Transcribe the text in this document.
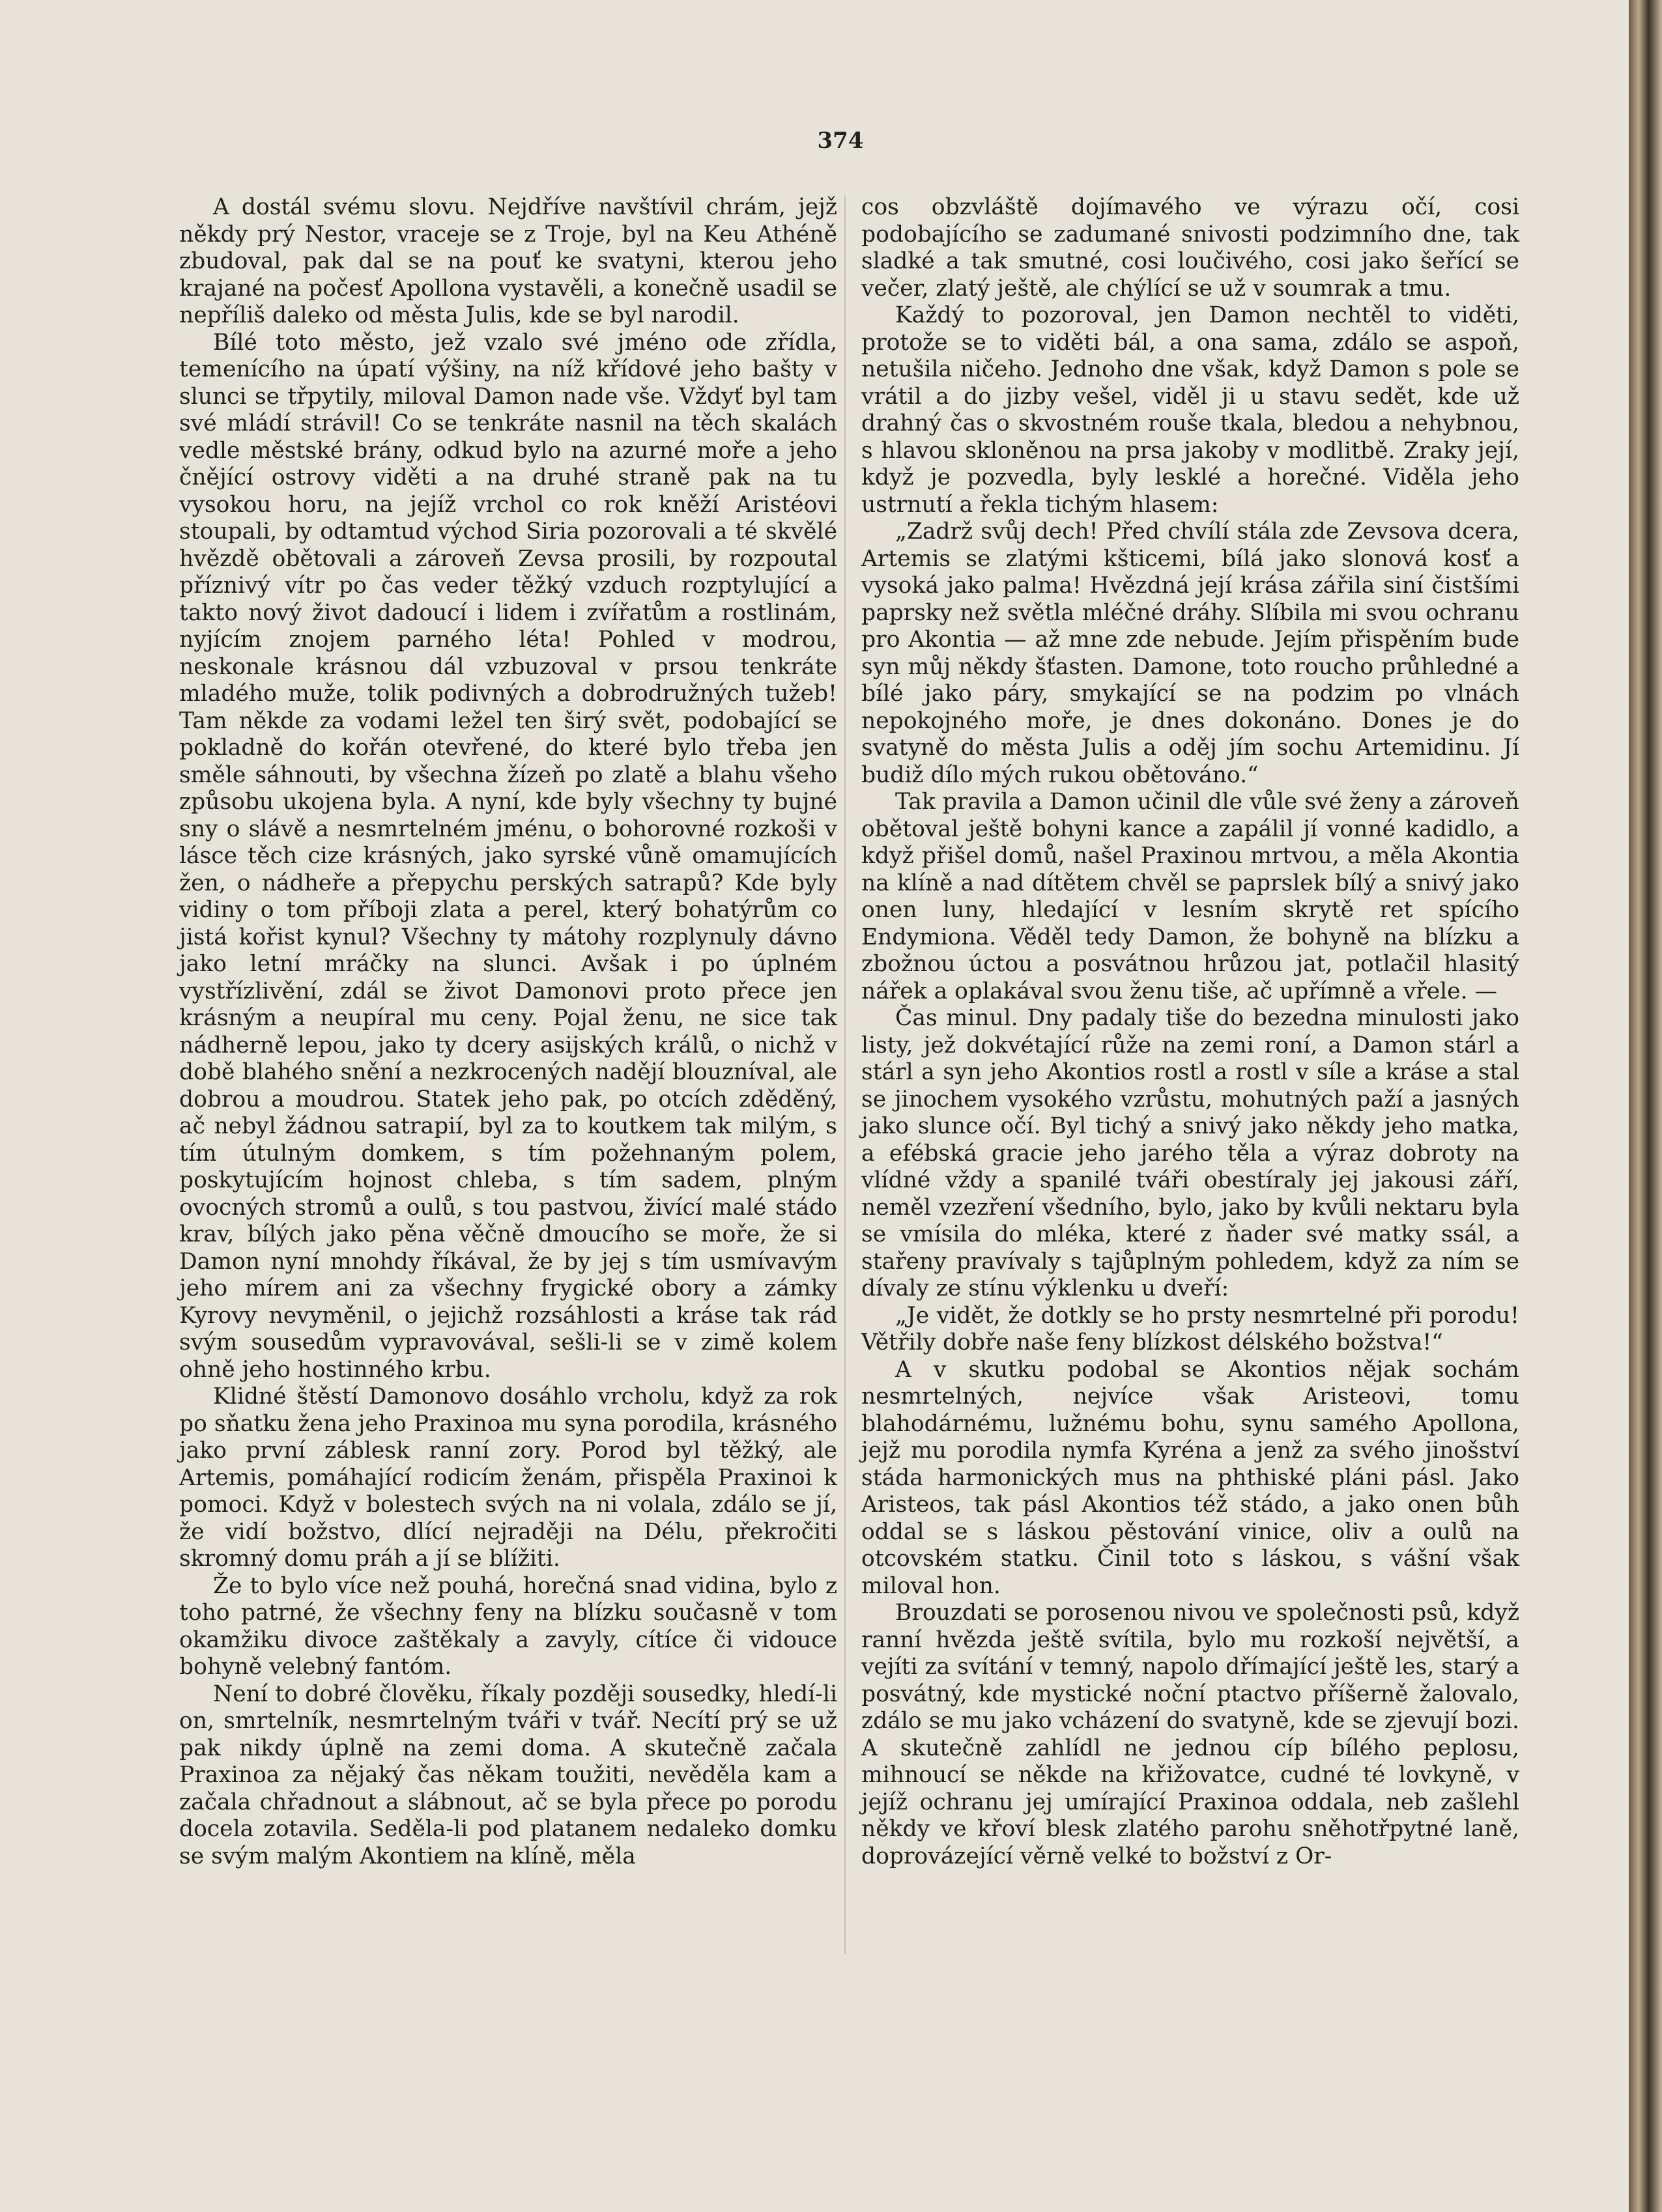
374

A dostál svému slovu. Nejdříve navštívil chrám, jejž někdy prý Nestor, vraceje se z Troje, byl na Keu Athéně zbudoval, pak dal se na pouť ke svatyni, kterou jeho krajané na počesť Apollona vystavěli, a konečně usadil se nepříliš daleko od města Julis, kde se byl narodil.

Bílé toto město, jež vzalo své jméno ode zřídla, temenícího na úpatí výšiny, na níž křídové jeho bašty v slunci se třpytily, miloval Damon nade vše. Vždyť byl tam své mládí strávil! Co se tenkráte nasnil na těch skalách vedle městské brány, odkud bylo na azurné moře a jeho čnějící ostrovy viděti a na druhé straně pak na tu vysokou horu, na jejíž vrchol co rok kněží Aristéovi stoupali, by odtamtud východ Siria pozorovali a té skvělé hvězdě obětovali a zároveň Zevsa prosili, by rozpoutal příznivý vítr po čas veder těžký vzduch rozptylující a takto nový život dadoucí i lidem i zvířatům a rostlinám, nyjícím znojem parného léta! Pohled v modrou, neskonale krásnou dál vzbuzoval v prsou tenkráte mladého muže, tolik podivných a dobrodružných tužeb! Tam někde za vodami ležel ten širý svět, podobající se pokladně do kořán otevřené, do které bylo třeba jen směle sáhnouti, by všechna žízeň po zlatě a blahu všeho způsobu ukojena byla. A nyní, kde byly všechny ty bujné sny o slávě a nesmrtelném jménu, o bohorovné rozkoši v lásce těch cize krásných, jako syrské vůně omamujících žen, o nádheře a přepychu perských satrapů? Kde byly vidiny o tom příboji zlata a perel, který bohatýrům co jistá kořist kynul? Všechny ty mátohy rozplynuly dávno jako letní mráčky na slunci. Avšak i po úplném vystřízlivění, zdál se život Damonovi proto přece jen krásným a neupíral mu ceny. Pojal ženu, ne sice tak nádherně lepou, jako ty dcery asijských králů, o nichž v době blahého snění a nezkrocených nadějí blouzníval, ale dobrou a moudrou. Statek jeho pak, po otcích zděděný, ač nebyl žádnou satrapií, byl za to koutkem tak milým, s tím útulným domkem, s tím požehnaným polem, poskytujícím hojnost chleba, s tím sadem, plným ovocných stromů a oulů, s tou pastvou, živící malé stádo krav, bílých jako pěna věčně dmoucího se moře, že si Damon nyní mnohdy říkával, že by jej s tím usmívavým jeho mírem ani za všechny frygické obory a zámky Kyrovy nevyměnil, o jejichž rozsáhlosti a kráse tak rád svým sousedům vypravovával, sešli-li se v zimě kolem ohně jeho hostinného krbu.

Klidné štěstí Damonovo dosáhlo vrcholu, když za rok po sňatku žena jeho Praxinoa mu syna porodila, krásného jako první záblesk ranní zory. Porod byl těžký, ale Artemis, pomáhající rodicím ženám, přispěla Praxinoi k pomoci. Když v bolestech svých na ni volala, zdálo se jí, že vidí božstvo, dlící nejraději na Délu, překročiti skromný domu práh a jí se blížiti.

Že to bylo více než pouhá, horečná snad vidina, bylo z toho patrné, že všechny feny na blízku současně v tom okamžiku divoce zaštěkaly a zavyly, cítíce či vidouce bohyně velebný fantóm.

Není to dobré člověku, říkaly později sousedky, hledí-li on, smrtelník, nesmrtelným tváři v tvář. Necítí prý se už pak nikdy úplně na zemi doma. A skutečně začala Praxinoa za nějaký čas někam toužiti, nevěděla kam a začala chřadnout a slábnout, ač se byla přece po porodu docela zotavila. Seděla-li pod platanem nedaleko domku se svým malým Akontiem na klíně, měla

cos obzvláště dojímavého ve výrazu očí, cosi podobajícího se zadumané snivosti podzimního dne, tak sladké a tak smutné, cosi loučivého, cosi jako šeřící se večer, zlatý ještě, ale chýlící se už v soumrak a tmu.

Každý to pozoroval, jen Damon nechtěl to viděti, protože se to viděti bál, a ona sama, zdálo se aspoň, netušila ničeho. Jednoho dne však, když Damon s pole se vrátil a do jizby vešel, viděl ji u stavu sedět, kde už drahný čas o skvostném rouše tkala, bledou a nehybnou, s hlavou skloněnou na prsa jakoby v modlitbě. Zraky její, když je pozvedla, byly lesklé a horečné. Viděla jeho ustrnutí a řekla tichým hlasem:

„Zadrž svůj dech! Před chvílí stála zde Zevsova dcera, Artemis se zlatými kšticemi, bílá jako slonová kosť a vysoká jako palma! Hvězdná její krása zářila siní čistšími paprsky než světla mléčné dráhy. Slíbila mi svou ochranu pro Akontia — až mne zde nebude. Jejím přispěním bude syn můj někdy šťasten. Damone, toto roucho průhledné a bílé jako páry, smykající se na podzim po vlnách nepokojného moře, je dnes dokonáno. Dones je do svatyně do města Julis a oděj jím sochu Artemidinu. Jí budiž dílo mých rukou obětováno.“

Tak pravila a Damon učinil dle vůle své ženy a zároveň obětoval ještě bohyni kance a zapálil jí vonné kadidlo, a když přišel domů, našel Praxinou mrtvou, a měla Akontia na klíně a nad dítětem chvěl se paprslek bílý a snivý jako onen luny, hledající v lesním skrytě ret spícího Endymiona. Věděl tedy Damon, že bohyně na blízku a zbožnou úctou a posvátnou hrůzou jat, potlačil hlasitý nářek a oplakával svou ženu tiše, ač upřímně a vřele. —

Čas minul. Dny padaly tiše do bezedna minulosti jako listy, jež dokvétající růže na zemi roní, a Damon stárl a stárl a syn jeho Akontios rostl a rostl v síle a kráse a stal se jinochem vysokého vzrůstu, mohutných paží a jasných jako slunce očí. Byl tichý a snivý jako někdy jeho matka, a efébská gracie jeho jarého těla a výraz dobroty na vlídné vždy a spanilé tváři obestíraly jej jakousi září, neměl vzezření všedního, bylo, jako by kvůli nektaru byla se vmísila do mléka, které z ňader své matky ssál, a stařeny pravívaly s tajůplným pohledem, když za ním se dívaly ze stínu výklenku u dveří:

„Je vidět, že dotkly se ho prsty nesmrtelné při porodu! Větřily dobře naše feny blízkost délského božstva!“

A v skutku podobal se Akontios nějak sochám nesmrtelných, nejvíce však Aristeovi, tomu blahodárnému, lužnému bohu, synu samého Apollona, jejž mu porodila nymfa Kyréna a jenž za svého jinošství stáda harmonických mus na phthiské pláni pásl. Jako Aristeos, tak pásl Akontios též stádo, a jako onen bůh oddal se s láskou pěstování vinice, oliv a oulů na otcovském statku. Činil toto s láskou, s vášní však miloval hon.

Brouzdati se porosenou nivou ve společnosti psů, když ranní hvězda ještě svítila, bylo mu rozkoší největší, a vejíti za svítání v temný, napolo dřímající ještě les, starý a posvátný, kde mystické noční ptactvo příšerně žalovalo, zdálo se mu jako vcházení do svatyně, kde se zjevují bozi. A skutečně zahlídl ne jednou cíp bílého peplosu, mihnoucí se někde na křižovatce, cudné té lovkyně, v jejíž ochranu jej umírající Praxinoa oddala, neb zašlehl někdy ve křoví blesk zlatého parohu sněhotřpytné laně, doprovázející věrně velké to božství z Or-
